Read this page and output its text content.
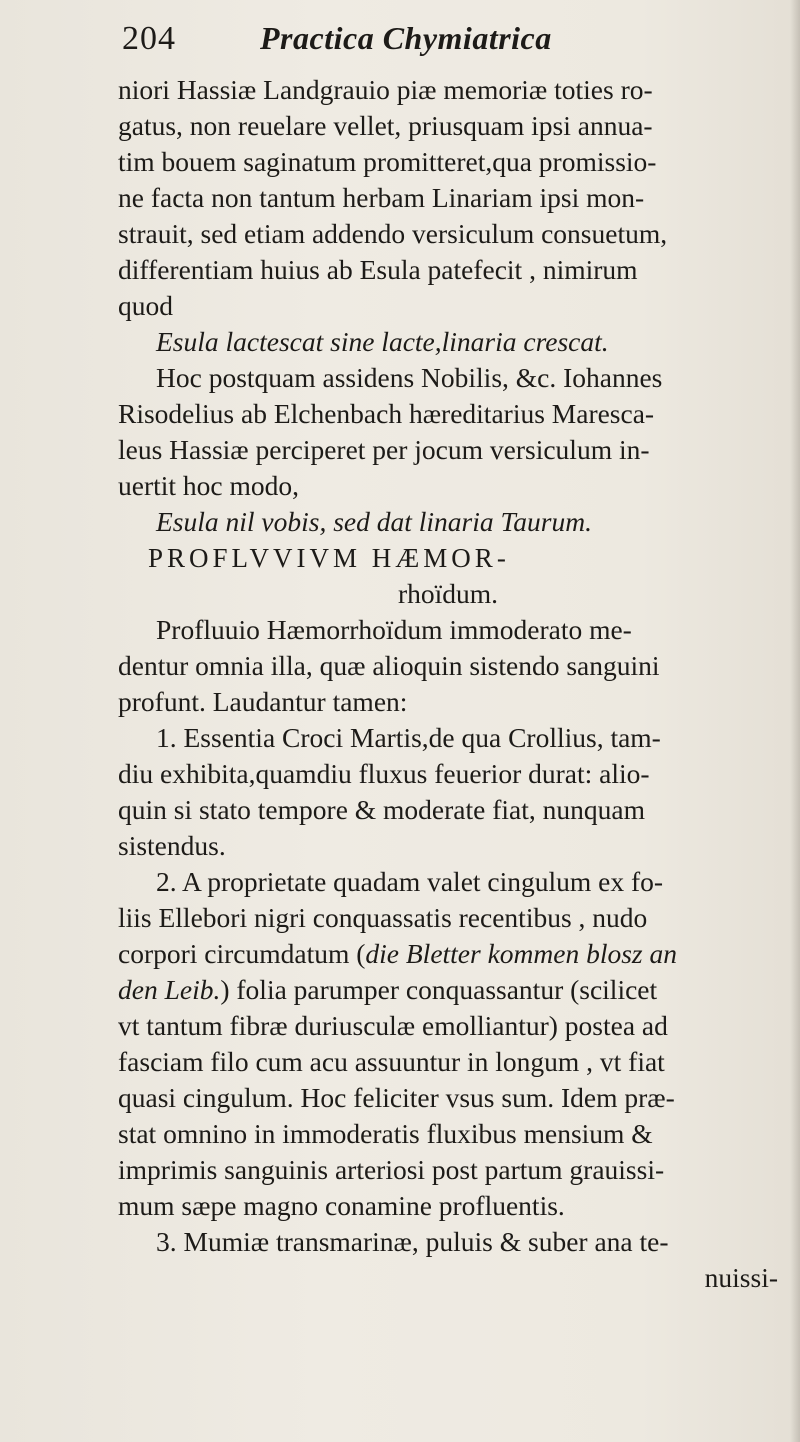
204	Practica Chymiatrica
niori Hassiæ Landgrauio piæ memoriæ toties ro-
gatus, non reuelare vellet, priusquam ipsi annua-
tim bouem saginatum promitteret,qua promissio-
ne facta non tantum herbam Linariam ipsi mon-
strauit, sed etiam addendo versiculum consuetum,
differentiam huius ab Esula patefecit , nimirum
quod
Esula lactescat sine lacte,linaria crescat.
Hoc postquam assidens Nobilis, &c. Iohannes
Risodelius ab Elchenbach hæreditarius Marescа-
leus Hassiæ perciperet per jocum versiculum in-
uertit hoc modo,
Esula nil vobis, sed dat linaria Taurum.
PROFLVVIVM HÆMOR-
rhoïdum.
Profluuio Hæmorrhoïdum immoderato me-
dentur omnia illa, quæ alioquin sistendo sanguini
profunt. Laudantur tamen:
1. Essentia Croci Martis,de qua Crollius, tam-
diu exhibita,quamdiu fluxus feuerior durat: alio-
quin si stato tempore & moderate fiat, nunquam
sistendus.
2. A proprietate quadam valet cingulum ex fo-
liis Ellebori nigri conquassatis recentibus , nudo
corpori circumdatum (die Bletter kommen blosz an
den Leib.) folia parumper conquassantur (scilicet
vt tantum fibræ duriusculæ emolliantur) postea ad
fasciam filo cum acu assuuntur in longum , vt fiat
quasi cingulum. Hoc feliciter vsus sum. Idem præ-
stat omnino in immoderatis fluxibus mensium &
imprimis sanguinis arteriosi post partum grauissi-
mum sæpe magno conamine profluentis.
3. Mumiæ transmarinæ, puluis & suber ana te-
nuissi-
